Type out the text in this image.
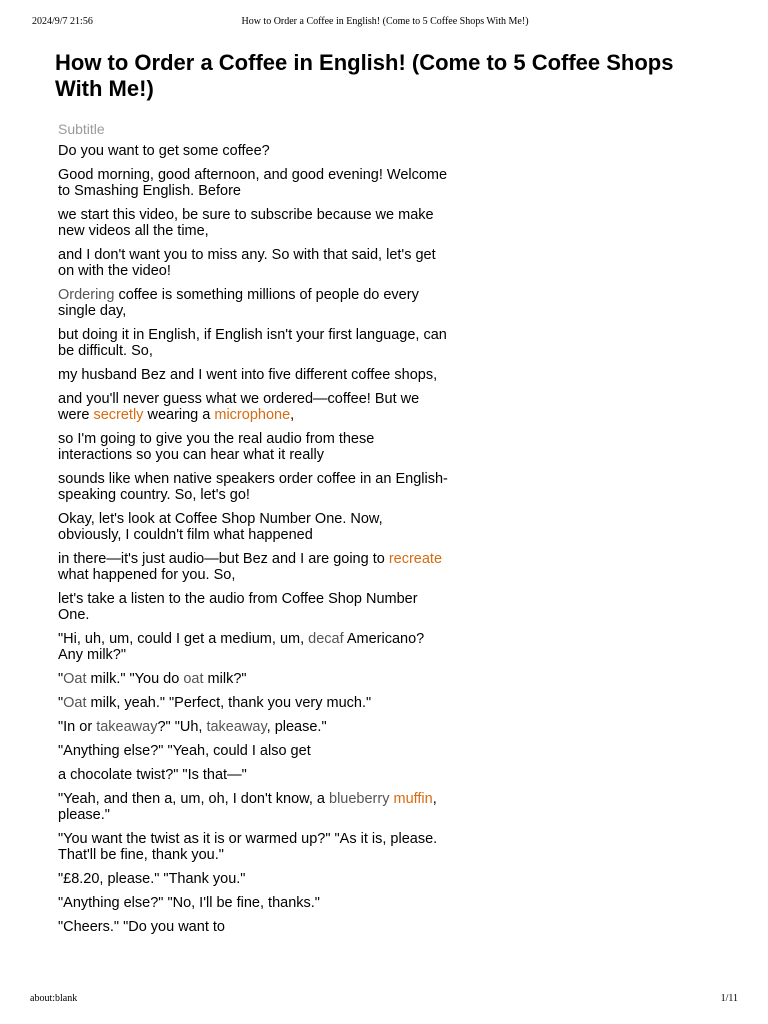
2024/9/7 21:56	How to Order a Coffee in English! (Come to 5 Coffee Shops With Me!)
How to Order a Coffee in English! (Come to 5 Coffee Shops With Me!)
Subtitle
Do you want to get some coffee?
Good morning, good afternoon, and good evening! Welcome to Smashing English. Before
we start this video, be sure to subscribe because we make new videos all the time,
and I don't want you to miss any. So with that said, let's get on with the video!
Ordering coffee is something millions of people do every single day,
but doing it in English, if English isn't your first language, can be difficult. So,
my husband Bez and I went into five different coffee shops,
and you'll never guess what we ordered—coffee! But we were secretly wearing a microphone,
so I'm going to give you the real audio from these interactions so you can hear what it really
sounds like when native speakers order coffee in an English-speaking country. So, let's go!
Okay, let's look at Coffee Shop Number One. Now, obviously, I couldn't film what happened
in there—it's just audio—but Bez and I are going to recreate what happened for you. So,
let's take a listen to the audio from Coffee Shop Number One.
"Hi, uh, um, could I get a medium, um, decaf Americano? Any milk?"
"Oat milk." "You do oat milk?"
"Oat milk, yeah." "Perfect, thank you very much."
"In or takeaway?" "Uh, takeaway, please."
"Anything else?" "Yeah, could I also get
a chocolate twist?" "Is that—"
"Yeah, and then a, um, oh, I don't know, a blueberry muffin, please."
"You want the twist as it is or warmed up?" "As it is, please. That'll be fine, thank you."
"£8.20, please." "Thank you."
"Anything else?" "No, I'll be fine, thanks."
"Cheers." "Do you want to
about:blank	1/11
